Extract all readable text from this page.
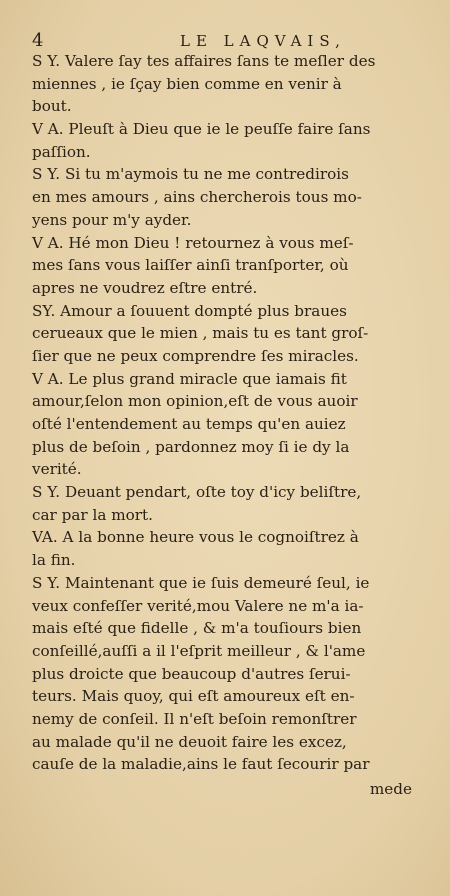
4	LE LAQVAIS,
S Y. Valere ſay tes affaires ſans te meſler des
miennes , ie ſçay bien comme en venir à
bout.
V A. Pleuſt à Dieu que ie le peuſſe faire ſans
paſſion.
S Y. Si tu m'aymois tu ne me contredirois
en mes amours , ains chercherois tous mo-
yens pour m'y ayder.
V A. Hé mon Dieu ! retournez à vous meſ-
mes ſans vous laiſſer ainſi tranſporter, où
apres ne voudrez eſtre entré.
SY. Amour a ſouuent dompté plus braues
cerueaux que le mien , mais tu es tant groſ-
ſier que ne peux comprendre ſes miracles.
V A. Le plus grand miracle que iamais fit
amour,ſelon mon opinion,eſt de vous auoir
oſté l'entendement au temps qu'en auiez
plus de beſoin , pardonnez moy ſi ie dy la
verité.
S Y. Deuant pendart, oſte toy d'icy beliſtre,
car par la mort.
VA. A la bonne heure vous le cognoiſtrez à
la fin.
S Y. Maintenant que ie ſuis demeuré ſeul, ie
veux confeſſer verité,mou Valere ne m'a ia-
mais eſté que fidelle , & m'a touſiours bien
conſeillé,auſſi a il l'eſprit meilleur , & l'ame
plus droicte que beaucoup d'autres ſerui-
teurs. Mais quoy, qui eſt amoureux eſt en-
nemy de conſeil. Il n'eſt beſoin remonſtrer
au malade qu'il ne deuoit faire les excez,
cauſe de la maladie,ains le faut ſecourir par
mede
